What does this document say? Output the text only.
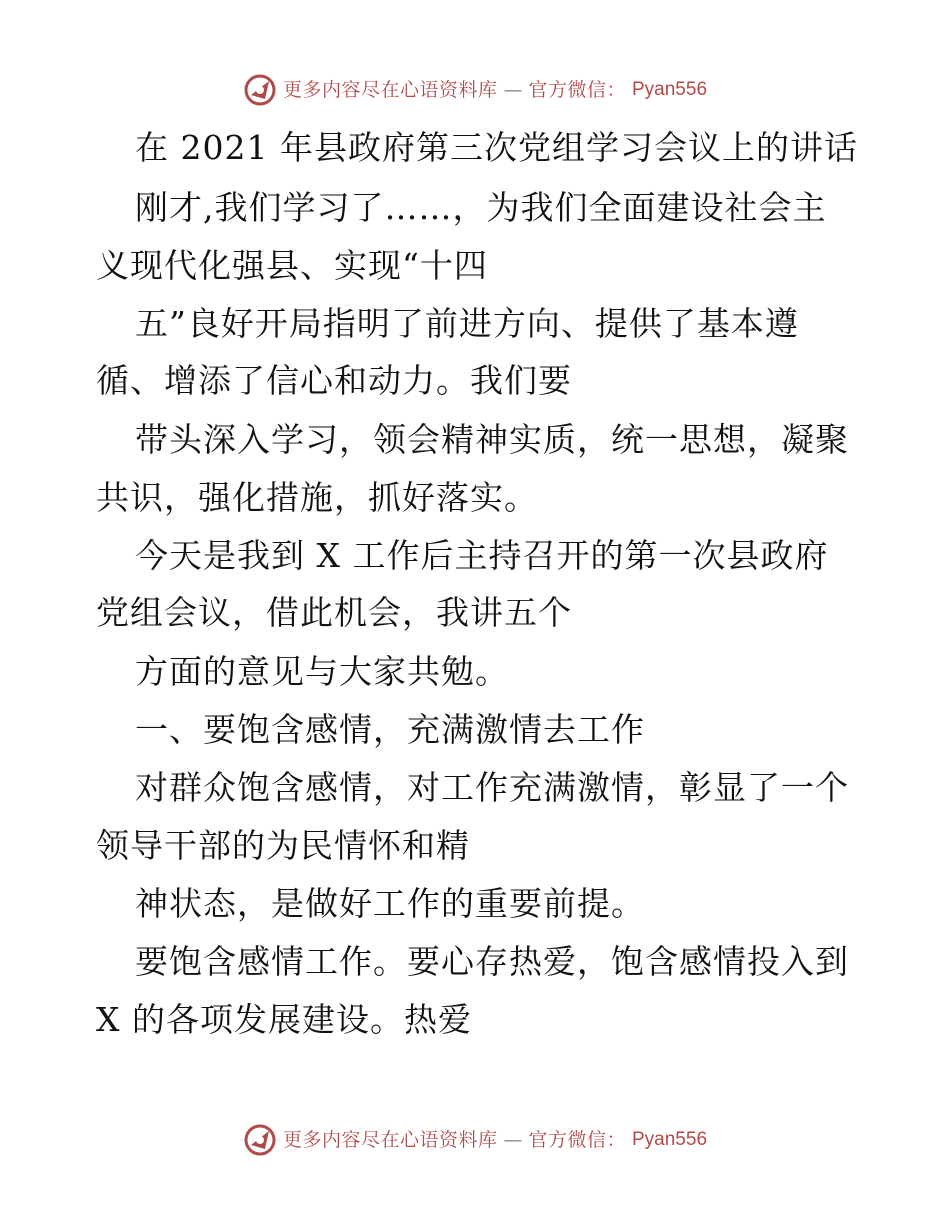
更多内容尽在心语资料库 — 官方微信： Pyan556
在 2021 年县政府第三次党组学习会议上的讲话
刚才,我们学习了……，为我们全面建设社会主
义现代化强县、实现“十四
五”良好开局指明了前进方向、提供了基本遵
循、增添了信心和动力。我们要
带头深入学习，领会精神实质，统一思想，凝聚
共识，强化措施，抓好落实。
今天是我到 X 工作后主持召开的第一次县政府
党组会议，借此机会，我讲五个
方面的意见与大家共勉。
一、要饱含感情，充满激情去工作
对群众饱含感情，对工作充满激情，彰显了一个
领导干部的为民情怀和精
神状态，是做好工作的重要前提。
要饱含感情工作。要心存热爱，饱含感情投入到
X 的各项发展建设。热爱
更多内容尽在心语资料库 — 官方微信： Pyan556
